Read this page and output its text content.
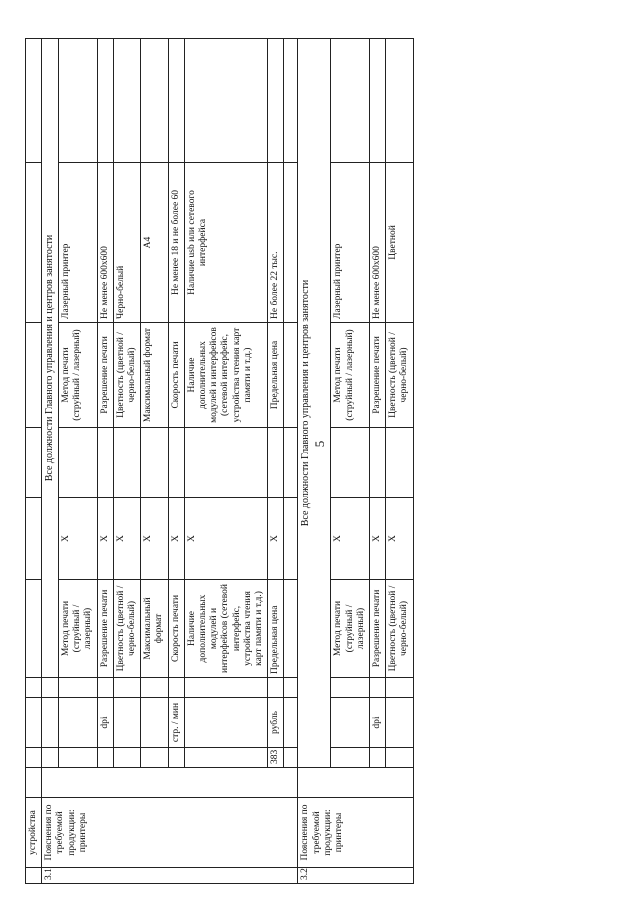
5
	устройства										
3.1	Пояснения по требуемой продукции: принтеры					Все должности Главного управления и центров занятости					
						Метод печати (струйный / лазерный)	X		Метод печати (струйный / лазерный)	Лазерный принтер	
				dpi		Разрешение печати	X		Разрешение печати	Не менее 600х600	
						Цветность (цветной / черно-белый)	X		Цветность (цветной / черно-белый)	Черно-белый	
						Максимальный формат	X		Максимальный формат	A4	
				стр. / мин		Скорость печати	X		Скорость печати	Не менее 18 и не более 60	
						Наличие дополнительных модулей и интерфейсов (сетевой интерфейс, устройства чтения карт памяти и т.д.)	X		Наличие дополнительных модулей и интерфейсов (сетевой интерфейс, устройства чтения карт памяти и т.д.)	Наличие usb или сетевого интерфейса	
			383	рубль		Предельная цена	X		Предельная цена	Не более 22 тыс.	

3.2	Пояснения по требуемой продукции: принтеры		Все должности Главного управления и центров занятости								
						Метод печати (струйный / лазерный)	X		Метод печати (струйный / лазерный)	Лазерный принтер	
				dpi		Разрешение печати	X		Разрешение печати	Не менее 600х600	
						Цветность (цветной / черно-белый)	X		Цветность (цветной / черно-белый)	Цветной	
